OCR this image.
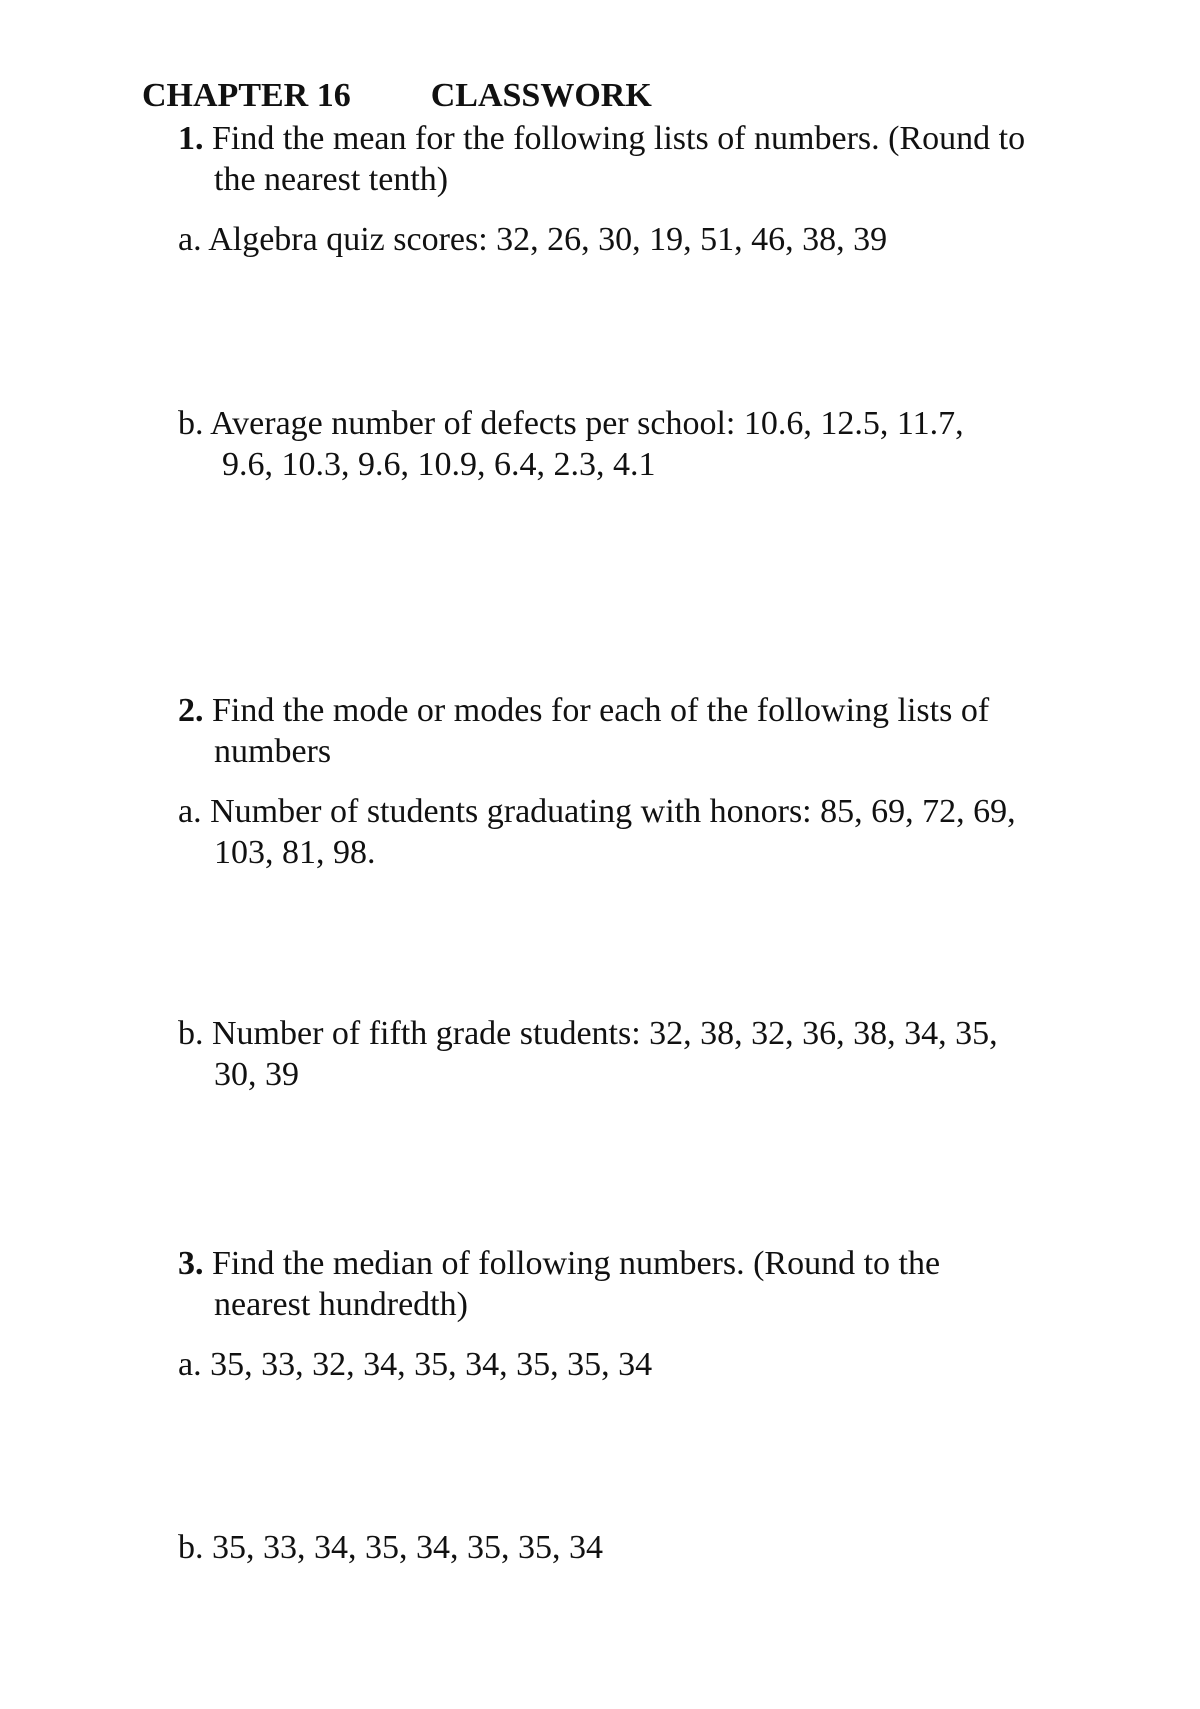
CHAPTER 16 CLASSWORK
1. Find the mean for the following lists of numbers. (Round to
the nearest tenth)
a. Algebra quiz scores: 32, 26, 30, 19, 51, 46, 38, 39
b. Average number of defects per school: 10.6, 12.5, 11.7,
9.6, 10.3, 9.6, 10.9, 6.4, 2.3, 4.1
2. Find the mode or modes for each of the following lists of
numbers
a. Number of students graduating with honors: 85, 69, 72, 69,
103, 81, 98.
b. Number of fifth grade students: 32, 38, 32, 36, 38, 34, 35,
30, 39
3. Find the median of following numbers. (Round to the
nearest hundredth)
a. 35, 33, 32, 34, 35, 34, 35, 35, 34
b. 35, 33, 34, 35, 34, 35, 35, 34
